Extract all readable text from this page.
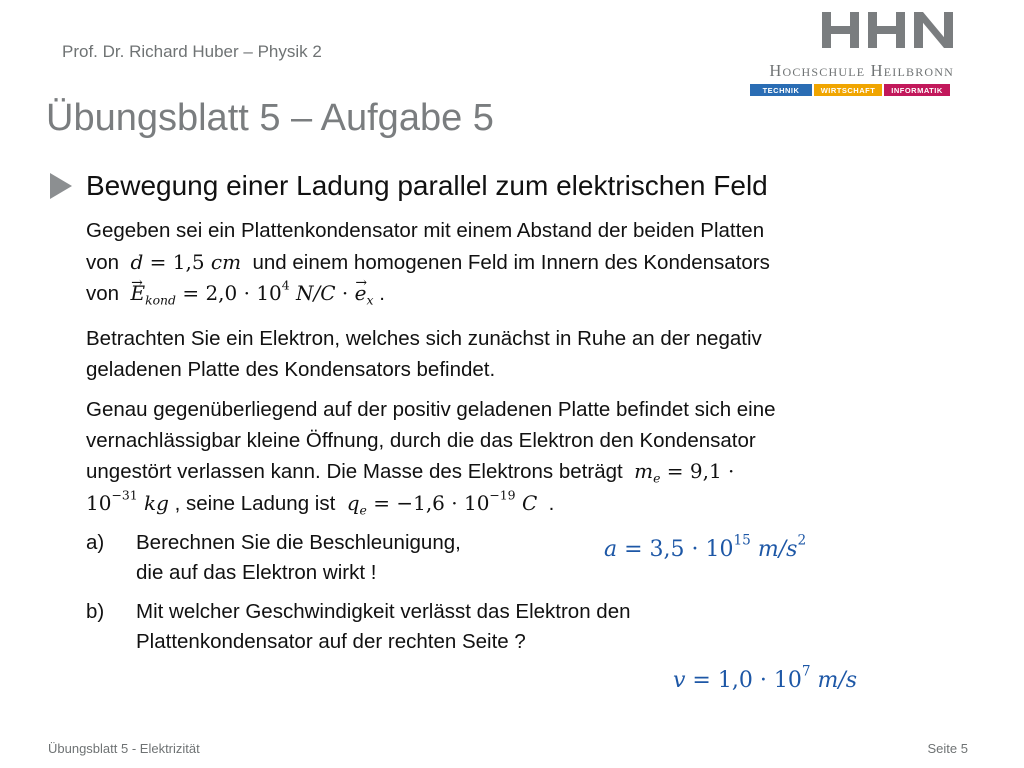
Prof. Dr. Richard Huber – Physik 2
Hochschule Heilbronn
TECHNIK	WIRTSCHAFT	INFORMATIK
Übungsblatt 5 – Aufgabe 5
Bewegung einer Ladung parallel zum elektrischen Feld
Gegeben sei ein Plattenkondensator mit einem Abstand der beiden Platten
von d = 1,5 cm und einem homogenen Feld im Innern des Kondensators
von  → $E_{kond} = 2,0 \cdot 10^4$ N/C · → $e_x$ .
Betrachten Sie ein Elektron, welches sich zunächst in Ruhe an der negativ
geladenen Platte des Kondensators befindet.
Genau gegenüberliegend auf der positiv geladenen Platte befindet sich eine
vernachlässigbar kleine Öffnung, durch die das Elektron den Kondensator
ungestört verlassen kann. Die Masse des Elektrons beträgt $m_e = 9,1$ ·
$10^{-31}$ kg , seine Ladung ist $q_e = -1,6 \cdot 10^{-19}$ C .
a)	Berechnen Sie die Beschleunigung,
die auf das Elektron wirkt !
$a = 3,5 \cdot 10^{15}$ $m/s^2$
b)	Mit welcher Geschwindigkeit verlässt das Elektron den
Plattenkondensator auf der rechten Seite ?
$v = 1,0 \cdot 10^7$ m/s
Übungsblatt 5 - Elektrizität	Seite 5
